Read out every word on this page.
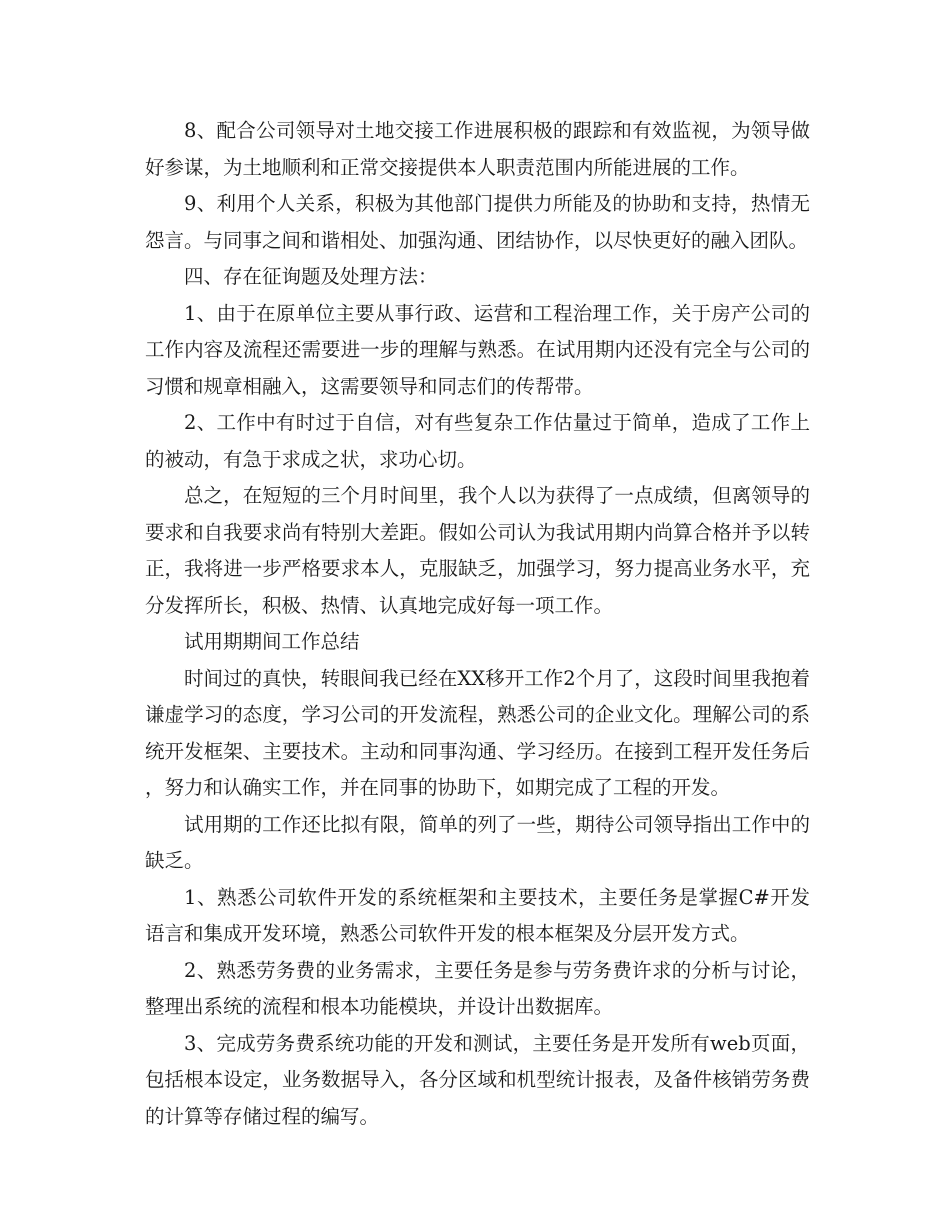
8、配合公司领导对土地交接工作进展积极的跟踪和有效监视，为领导做好参谋，为土地顺利和正常交接提供本人职责范围内所能进展的工作。

9、利用个人关系，积极为其他部门提供力所能及的协助和支持，热情无怨言。与同事之间和谐相处、加强沟通、团结协作，以尽快更好的融入团队。

四、存在征询题及处理方法：

1、由于在原单位主要从事行政、运营和工程治理工作，关于房产公司的工作内容及流程还需要进一步的理解与熟悉。在试用期内还没有完全与公司的习惯和规章相融入，这需要领导和同志们的传帮带。

2、工作中有时过于自信，对有些复杂工作估量过于简单，造成了工作上的被动，有急于求成之状，求功心切。

总之，在短短的三个月时间里，我个人以为获得了一点成绩，但离领导的要求和自我要求尚有特别大差距。假如公司认为我试用期内尚算合格并予以转正，我将进一步严格要求本人，克服缺乏，加强学习，努力提高业务水平，充分发挥所长，积极、热情、认真地完成好每一项工作。

试用期期间工作总结

时间过的真快，转眼间我已经在XX移开工作2个月了，这段时间里我抱着谦虚学习的态度，学习公司的开发流程，熟悉公司的企业文化。理解公司的系统开发框架、主要技术。主动和同事沟通、学习经历。在接到工程开发任务后，努力和认确实工作，并在同事的协助下，如期完成了工程的开发。

试用期的工作还比拟有限，简单的列了一些，期待公司领导指出工作中的缺乏。

1、熟悉公司软件开发的系统框架和主要技术，主要任务是掌握C#开发语言和集成开发环境，熟悉公司软件开发的根本框架及分层开发方式。

2、熟悉劳务费的业务需求，主要任务是参与劳务费许求的分析与讨论，整理出系统的流程和根本功能模块，并设计出数据库。

3、完成劳务费系统功能的开发和测试，主要任务是开发所有web页面，包括根本设定，业务数据导入，各分区域和机型统计报表，及备件核销劳务费的计算等存储过程的编写。
